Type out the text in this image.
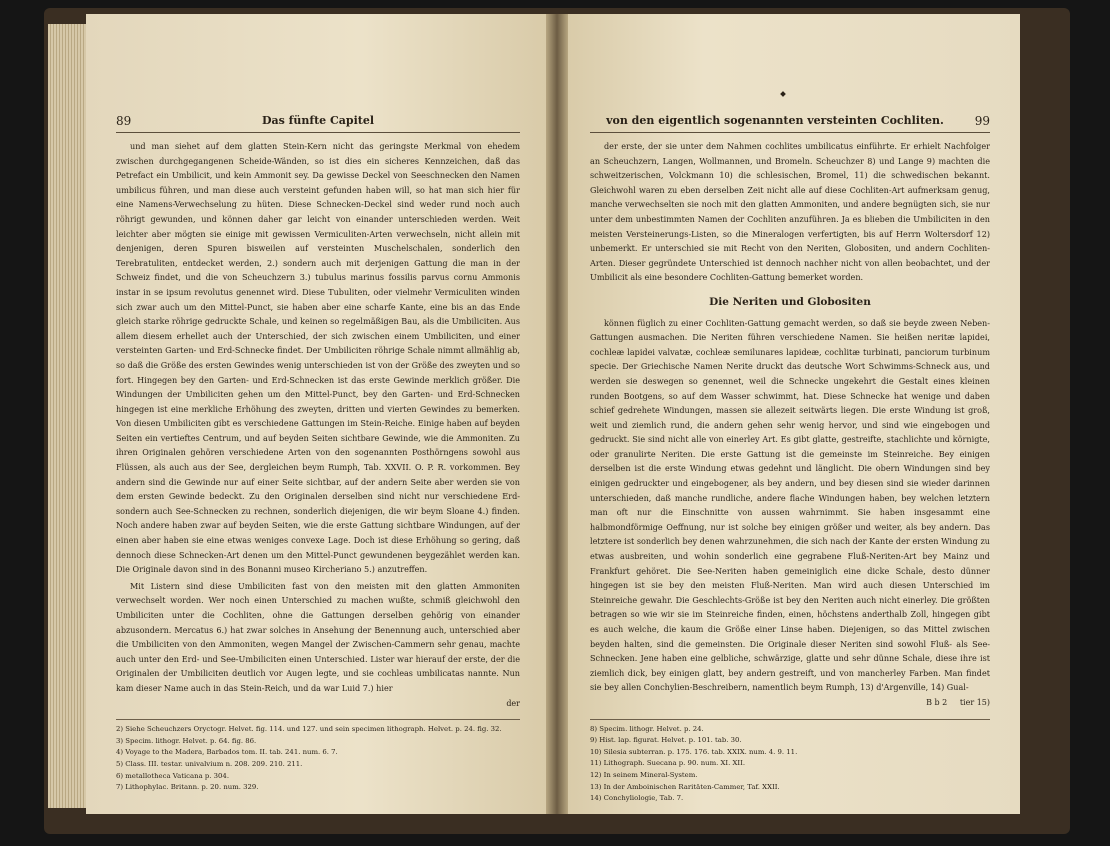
89	Das fünfte Capitel

und man siehet auf dem glatten Stein-Kern nicht das geringste Merkmal von ehedem zwischen durchgegangenen Scheide-Wänden, so ist dies ein sicheres Kennzeichen, daß das Petrefact ein Umbilicit, und kein Ammonit sey. Da gewisse Deckel von Seeschnecken den Namen umbilicus führen, und man diese auch versteint gefunden haben will, so hat man sich hier für eine Namens-Verwechselung zu hüten. Diese Schnecken-Deckel sind weder rund noch auch röhrigt gewunden, und können daher gar leicht von einander unterschieden werden. Weit leichter aber mögten sie einige mit gewissen Vermiculiten-Arten verwechseln, nicht allein mit denjenigen, deren Spuren bisweilen auf versteinten Muschelschalen, sonderlich den Terebratuliten, entdecket werden, 2.) sondern auch mit derjenigen Gattung die man in der Schweiz findet, und die von Scheuchzern 3.) tubulus marinus fossilis parvus cornu Ammonis instar in se ipsum revolutus genennet wird. Diese Tubuliten, oder vielmehr Vermiculiten winden sich zwar auch um den Mittel-Punct, sie haben aber eine scharfe Kante, eine bis an das Ende gleich starke röhrige gedruckte Schale, und keinen so regelmäßigen Bau, als die Umbiliciten. Aus allem diesem erhellet auch der Unterschied, der sich zwischen einem Umbiliciten, und einer versteinten Garten- und Erd-Schnecke findet. Der Umbiliciten röhrige Schale nimmt allmählig ab, so daß die Größe des ersten Gewindes wenig unterschieden ist von der Größe des zweyten und so fort. Hingegen bey den Garten- und Erd-Schnecken ist das erste Gewinde merklich größer. Die Windungen der Umbiliciten gehen um den Mittel-Punct, bey den Garten- und Erd-Schnecken hingegen ist eine merkliche Erhöhung des zweyten, dritten und vierten Gewindes zu bemerken. Von diesen Umbiliciten gibt es verschiedene Gattungen im Stein-Reiche. Einige haben auf beyden Seiten ein vertieftes Centrum, und auf beyden Seiten sichtbare Gewinde, wie die Ammoniten. Zu ihren Originalen gehören verschiedene Arten von den sogenannten Posthörngens sowohl aus Flüssen, als auch aus der See, dergleichen beym Rumph, Tab. XXVII. O. P. R. vorkommen. Bey andern sind die Gewinde nur auf einer Seite sichtbar, auf der andern Seite aber werden sie von dem ersten Gewinde bedeckt. Zu den Originalen derselben sind nicht nur verschiedene Erd- sondern auch See-Schnecken zu rechnen, sonderlich diejenigen, die wir beym Sloane 4.) finden. Noch andere haben zwar auf beyden Seiten, wie die erste Gattung sichtbare Windungen, auf der einen aber haben sie eine etwas weniges convexe Lage. Doch ist diese Erhöhung so gering, daß dennoch diese Schnecken-Art denen um den Mittel-Punct gewundenen beygezählet werden kan. Die Originale davon sind in des Bonanni museo Kircheriano 5.) anzutreffen.

Mit Listern sind diese Umbiliciten fast von den meisten mit den glatten Ammoniten verwechselt worden. Wer noch einen Unterschied zu machen wußte, schmiß gleichwohl den Umbiliciten unter die Cochliten, ohne die Gattungen derselben gehörig von einander abzusondern. Mercatus 6.) hat zwar solches in Ansehung der Benennung auch, unterschied aber die Umbiliciten von den Ammoniten, wegen Mangel der Zwischen-Cammern sehr genau, machte auch unter den Erd- und See-Umbiliciten einen Unterschied. Lister war hierauf der erste, der die Originalen der Umbiliciten deutlich vor Augen legte, und sie cochleas umbilicatas nannte. Nun kam dieser Name auch in das Stein-Reich, und da war Luid 7.) hier

der
2) Siehe Scheuchzers Oryctogr. Helvet. fig. 114. und 127. und sein specimen lithograph. Helvet. p. 24. fig. 32.
3) Specim. lithogr. Helvet. p. 64. fig. 86.
4) Voyage to the Madera, Barbados tom. II. tab. 241. num. 6. 7.
5) Class. III. testar. univalvium n. 208. 209. 210. 211.
6) metallotheca Vaticana p. 304.
7) Lithophylac. Britann. p. 20. num. 329.
von den eigentlich sogenannten versteinten Cochliten.	99

der erste, der sie unter dem Nahmen cochlites umbilicatus einführte. Er erhielt Nachfolger an Scheuchzern, Langen, Wollmannen, und Bromeln. Scheuchzer 8) und Lange 9) machten die schweitzerischen, Volckmann 10) die schlesischen, Bromel, 11) die schwedischen bekannt. Gleichwohl waren zu eben derselben Zeit nicht alle auf diese Cochliten-Art aufmerksam genug, manche verwechselten sie noch mit den glatten Ammoniten, und andere begnügten sich, sie nur unter dem unbestimmten Namen der Cochliten anzuführen. Ja es blieben die Umbiliciten in den meisten Versteinerungs-Listen, so die Mineralogen verfertigten, bis auf Herrn Woltersdorf 12) unbemerkt. Er unterschied sie mit Recht von den Neriten, Globositen, und andern Cochliten-Arten. Dieser gegründete Unterschied ist dennoch nachher nicht von allen beobachtet, und der Umbilicit als eine besondere Cochliten-Gattung bemerket worden.

Die Neriten und Globositen

können füglich zu einer Cochliten-Gattung gemacht werden, so daß sie beyde zween Neben-Gattungen ausmachen. Die Neriten führen verschiedene Namen. Sie heißen neritæ lapidei, cochleæ lapidei valvatæ, cochleæ semilunares lapideæ, cochlitæ turbinati, panciorum turbinum specie. Der Griechische Namen Nerite druckt das deutsche Wort Schwimms-Schneck aus, und werden sie deswegen so genennet, weil die Schnecke ungekehrt die Gestalt eines kleinen runden Bootgens, so auf dem Wasser schwimmt, hat. Diese Schnecke hat wenige und daben schief gedrehete Windungen, massen sie allezeit seitwärts liegen. Die erste Windung ist groß, weit und ziemlich rund, die andern gehen sehr wenig hervor, und sind wie eingebogen und gedruckt. Sie sind nicht alle von einerley Art. Es gibt glatte, gestreifte, stachlichte und körnigte, oder granulirte Neriten. Die erste Gattung ist die gemeinste im Steinreiche. Bey einigen derselben ist die erste Windung etwas gedehnt und länglicht. Die obern Windungen sind bey einigen gedruckter und eingebogener, als bey andern, und bey diesen sind sie wieder darinnen unterschieden, daß manche rundliche, andere flache Windungen haben, bey welchen letztern man oft nur die Einschnitte von aussen wahrnimmt. Sie haben insgesammt eine halbmondförmige Oeffnung, nur ist solche bey einigen größer und weiter, als bey andern. Das letztere ist sonderlich bey denen wahrzunehmen, die sich nach der Kante der ersten Windung zu etwas ausbreiten, und wohin sonderlich eine gegrabene Fluß-Neriten-Art bey Mainz und Frankfurt gehöret. Die See-Neriten haben gemeiniglich eine dicke Schale, desto dünner hingegen ist sie bey den meisten Fluß-Neriten. Man wird auch diesen Unterschied im Steinreiche gewahr. Die Geschlechts-Größe ist bey den Neriten auch nicht einerley. Die größten betragen so wie wir sie im Steinreiche finden, einen, höchstens anderthalb Zoll, hingegen gibt es auch welche, die kaum die Größe einer Linse haben. Diejenigen, so das Mittel zwischen beyden halten, sind die gemeinsten. Die Originale dieser Neriten sind sowohl Fluß- als See-Schnecken. Jene haben eine gelbliche, schwärzige, glatte und sehr dünne Schale, diese ihre ist ziemlich dick, bey einigen glatt, bey andern gestreift, und von mancherley Farben. Man findet sie bey allen Conchylien-Beschreibern, namentlich beym Rumph, 13) d'Argenville, 14) Gual-

B b 2 tier 15)
8) Specim. lithogr. Helvet. p. 24.
9) Hist. lap. figurat. Helvet. p. 101. tab. 30.
10) Silesia subterran. p. 175. 176. tab. XXIX. num. 4. 9. 11.
11) Lithograph. Suecana p. 90. num. XI. XII.
12) In seinem Mineral-System.
13) In der Amboinischen Raritäten-Cammer, Taf. XXII.
14) Conchyliologie, Tab. 7.
